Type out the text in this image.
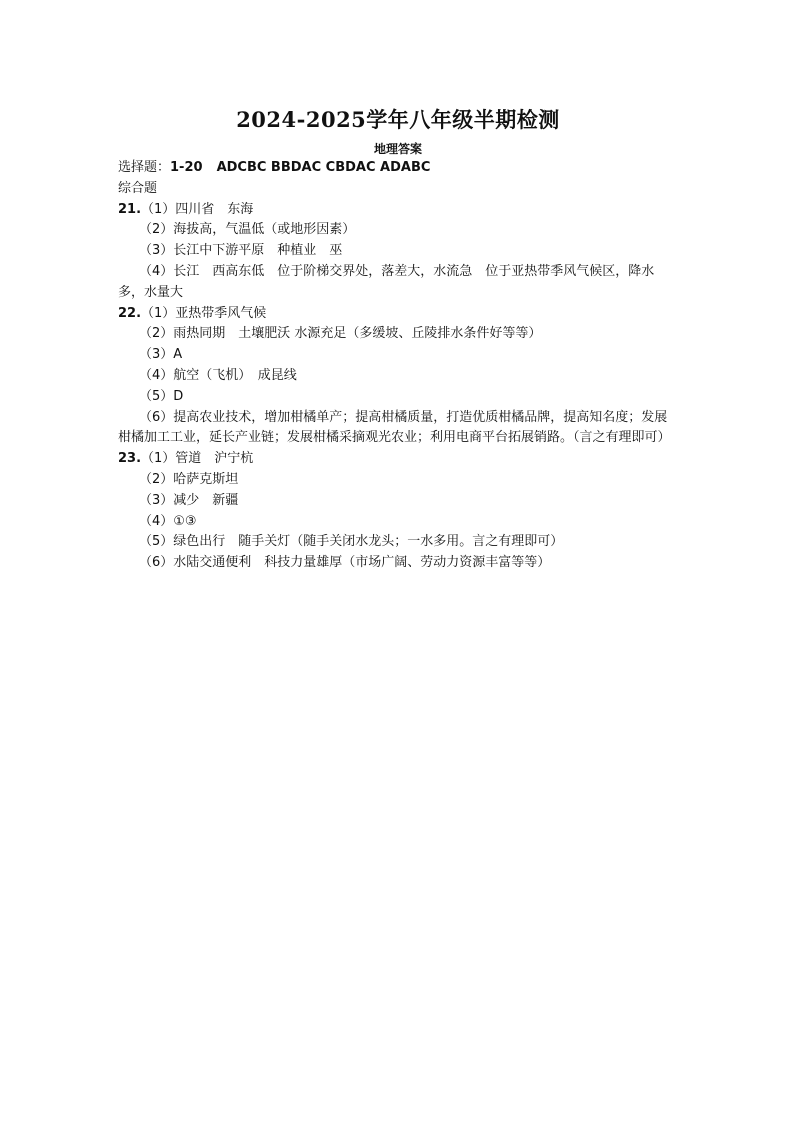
2024-2025学年八年级半期检测
地理答案
选择题：1-20 ADCBC BBDAC CBDAC ADABC
综合题
21.（1）四川省　东海
（2）海拔高，气温低（或地形因素）
（3）长江中下游平原　种植业　巫
（4）长江　西高东低　位于阶梯交界处，落差大，水流急　位于亚热带季风气候区，降水多，水量大
22.（1）亚热带季风气候
（2）雨热同期　土壤肥沃 水源充足（多缓坡、丘陵排水条件好等等）
（3）A
（4）航空（飞机）　成昆线
（5）D
（6）提高农业技术，增加柑橘单产；提高柑橘质量，打造优质柑橘品牌，提高知名度；发展柑橘加工工业，延长产业链；发展柑橘采摘观光农业；利用电商平台拓展销路。（言之有理即可）
23.（1）管道　沪宁杭
（2）哈萨克斯坦
（3）减少　新疆
（4）①③
（5）绿色出行　随手关灯（随手关闭水龙头；一水多用。言之有理即可）
（6）水陆交通便利　科技力量雄厚（市场广阔、劳动力资源丰富等等）
